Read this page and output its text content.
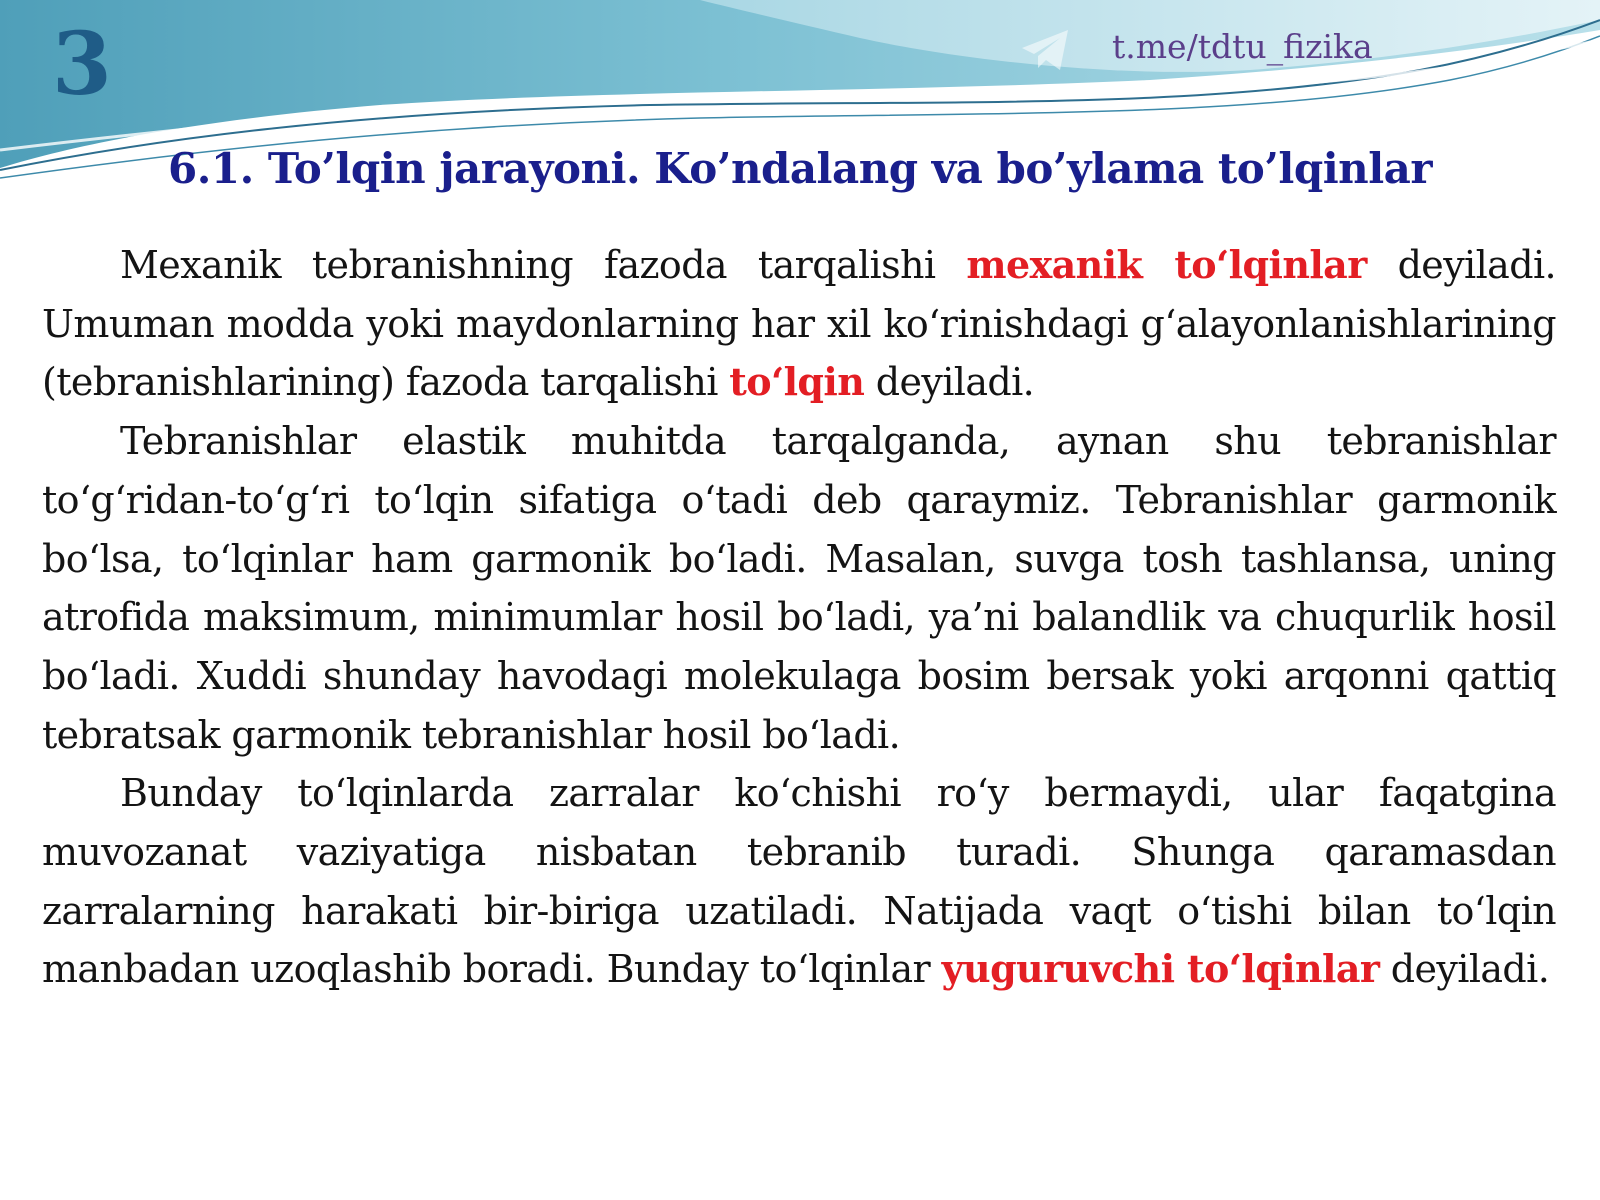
3	t.me/tdtu_fizika
6.1. To’lqin jarayoni. Ko’ndalang va bo’ylama to’lqinlar

Mexanik tebranishning fazoda tarqalishi mexanik to‘lqinlar deyiladi. Umuman modda yoki maydonlarning har xil ko‘rinishdagi g‘alayonlanishlarining (tebranishlarining) fazoda tarqalishi to‘lqin deyiladi.

Tebranishlar elastik muhitda tarqalganda, aynan shu tebranishlar to‘g‘ridan-to‘g‘ri to‘lqin sifatiga o‘tadi deb qaraymiz. Tebranishlar garmonik bo‘lsa, to‘lqinlar ham garmonik bo‘ladi. Masalan, suvga tosh tashlansa, uning atrofida maksimum, minimumlar hosil bo‘ladi, ya’ni balandlik va chuqurlik hosil bo‘ladi. Xuddi shunday havodagi molekulaga bosim bersak yoki arqonni qattiq tebratsak garmonik tebranishlar hosil bo‘ladi.

Bunday to‘lqinlarda zarralar ko‘chishi ro‘y bermaydi, ular faqatgina muvozanat vaziyatiga nisbatan tebranib turadi. Shunga qaramasdan zarralarning harakati bir-biriga uzatiladi. Natijada vaqt o‘tishi bilan to‘lqin manbadan uzoqlashib boradi. Bunday to‘lqinlar yuguruvchi to‘lqinlar deyiladi.
